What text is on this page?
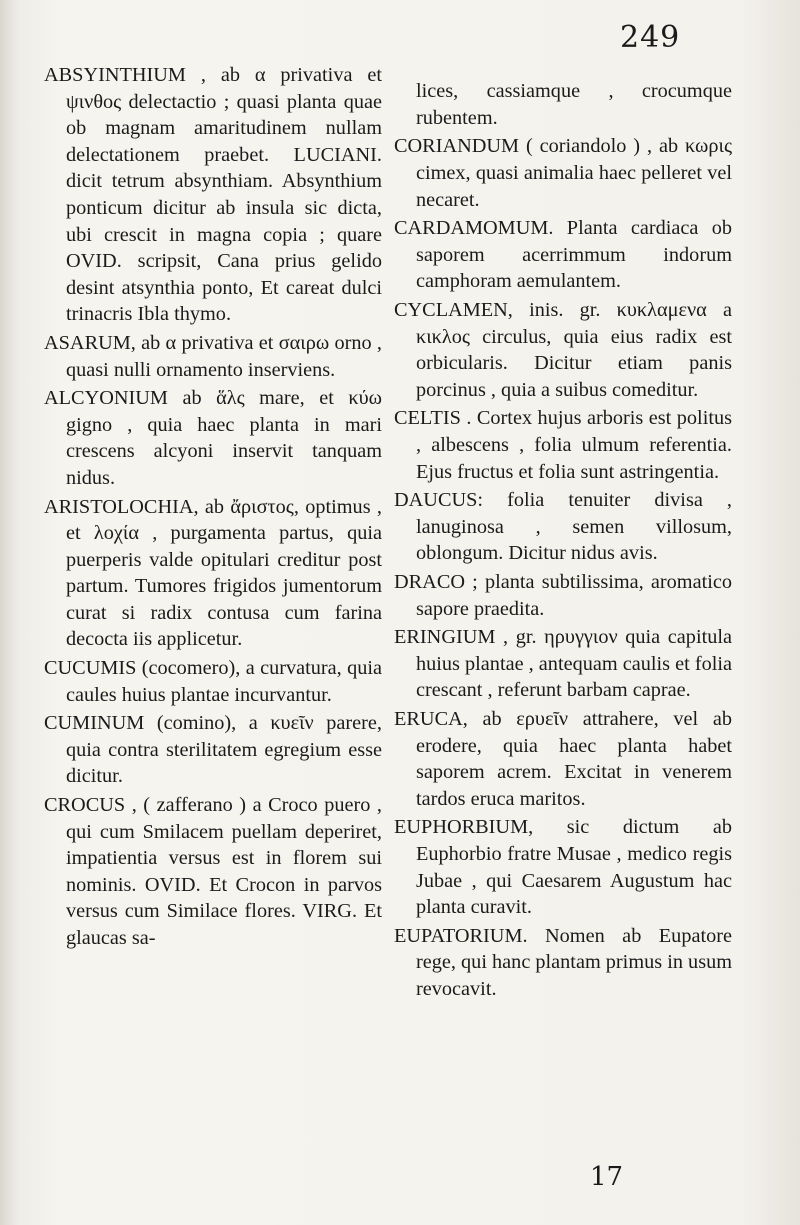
249

ABSYINTHIUM , ab α privativa et ψινθος delectactio ; quasi planta quae ob magnam amaritudinem nullam delectationem praebet. LUCIANI. dicit tetrum absynthiam. Absynthium ponticum dicitur ab insula sic dicta, ubi crescit in magna copia ; quare OVID. scripsit, Cana prius gelido desint atsynthia ponto, Et careat dulci trinacris Ibla thymo.

ASARUM, ab α privativa et σαιρω orno , quasi nulli ornamento inserviens.

ALCYONIUM ab ἅλς mare, et κύω gigno , quia haec planta in mari crescens alcyoni inservit tanquam nidus.

ARISTOLOCHIA, ab ἄριστος, optimus , et λοχία , purgamenta partus, quia puerperis valde opitulari creditur post partum. Tumores frigidos jumentorum curat si radix contusa cum farina decocta iis applicetur.

CUCUMIS (cocomero), a curvatura, quia caules huius plantae incurvantur.

CUMINUM (comino), a κυεῖν parere, quia contra sterilitatem egregium esse dicitur.

CROCUS , ( zafferano ) a Croco puero , qui cum Smilacem puellam deperiret, impatientia versus est in florem sui nominis. OVID. Et Crocon in parvos versus cum Similace flores. VIRG. Et glaucas sa-

lices, cassiamque , crocumque rubentem.

CORIANDUM ( coriandolo ) , ab κωρις cimex, quasi animalia haec pelleret vel necaret.

CARDAMOMUM. Planta cardiaca ob saporem acerrimmum indorum camphoram aemulantem.

CYCLAMEN, inis. gr. κυκλαμενα a κικλος circulus, quia eius radix est orbicularis. Dicitur etiam panis porcinus , quia a suibus comeditur.

CELTIS . Cortex hujus arboris est politus , albescens , folia ulmum referentia. Ejus fructus et folia sunt astringentia.

DAUCUS: folia tenuiter divisa , lanuginosa , semen villosum, oblongum. Dicitur nidus avis.

DRACO ; planta subtilissima, aromatico sapore praedita.

ERINGIUM , gr. ηρυγγιον quia capitula huius plantae , antequam caulis et folia crescant , referunt barbam caprae.

ERUCA, ab ερυεῖν attrahere, vel ab erodere, quia haec planta habet saporem acrem. Excitat in venerem tardos eruca maritos.

EUPHORBIUM, sic dictum ab Euphorbio fratre Musae , medico regis Jubae , qui Caesarem Augustum hac planta curavit.

EUPATORIUM. Nomen ab Eupatore rege, qui hanc plantam primus in usum revocavit.

17
